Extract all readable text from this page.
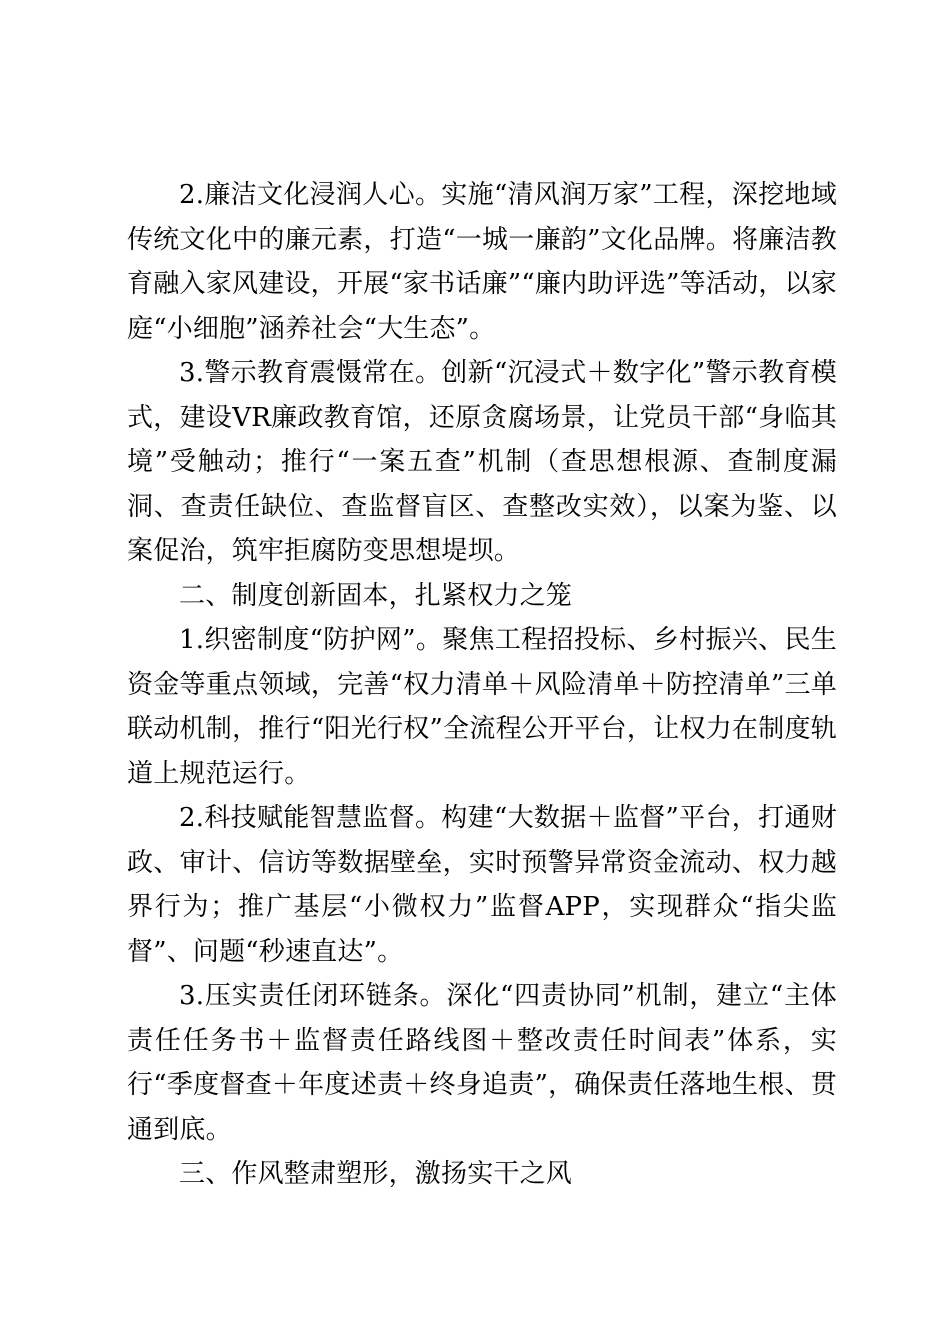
2.廉洁文化浸润人心。实施“清风润万家”工程，深挖地域传统文化中的廉元素，打造“一城一廉韵”文化品牌。将廉洁教育融入家风建设，开展“家书话廉”“廉内助评选”等活动，以家庭“小细胞”涵养社会“大生态”。

3.警示教育震慑常在。创新“沉浸式＋数字化”警示教育模式，建设VR廉政教育馆，还原贪腐场景，让党员干部“身临其境”受触动；推行“一案五查”机制（查思想根源、查制度漏洞、查责任缺位、查监督盲区、查整改实效），以案为鉴、以案促治，筑牢拒腐防变思想堤坝。

二、制度创新固本，扎紧权力之笼

1.织密制度“防护网”。聚焦工程招投标、乡村振兴、民生资金等重点领域，完善“权力清单＋风险清单＋防控清单”三单联动机制，推行“阳光行权”全流程公开平台，让权力在制度轨道上规范运行。

2.科技赋能智慧监督。构建“大数据＋监督”平台，打通财政、审计、信访等数据壁垒，实时预警异常资金流动、权力越界行为；推广基层“小微权力”监督APP，实现群众“指尖监督”、问题“秒速直达”。

3.压实责任闭环链条。深化“四责协同”机制，建立“主体责任任务书＋监督责任路线图＋整改责任时间表”体系，实行“季度督查＋年度述责＋终身追责”，确保责任落地生根、贯通到底。

三、作风整肃塑形，激扬实干之风
